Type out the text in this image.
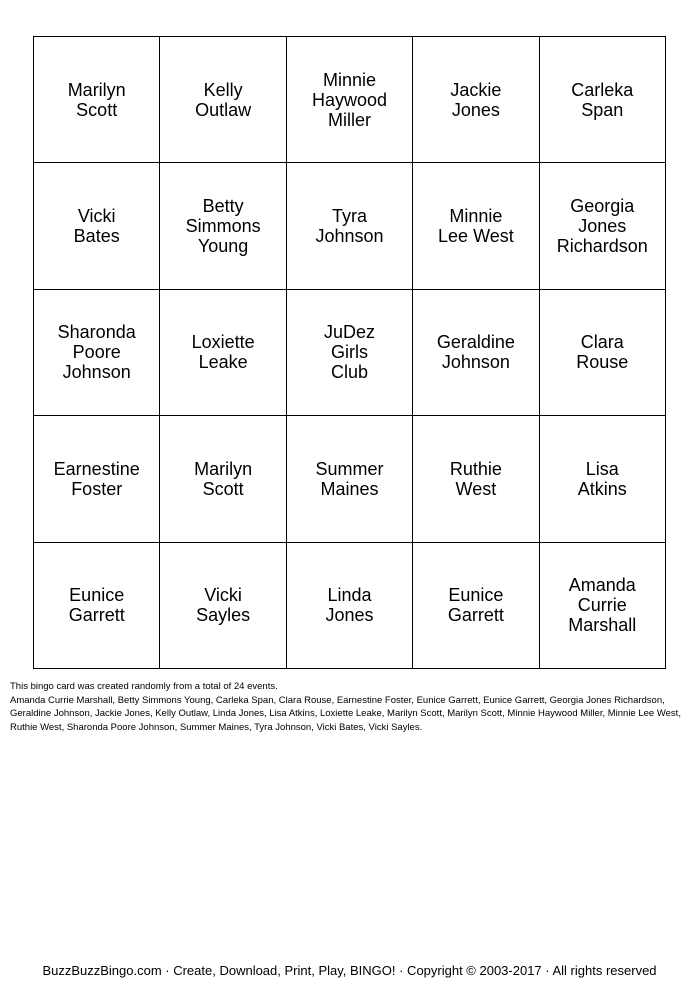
Marilyn
Scott
Kelly
Outlaw
Minnie
Haywood
Miller
Jackie
Jones
Carleka
Span
Vicki
Bates
Betty
Simmons
Young
Tyra
Johnson
Minnie
Lee West
Georgia
Jones
Richardson
Sharonda
Poore
Johnson
Loxiette
Leake
JuDez
Girls
Club
Geraldine
Johnson
Clara
Rouse
Earnestine
Foster
Marilyn
Scott
Summer
Maines
Ruthie
West
Lisa
Atkins
Eunice
Garrett
Vicki
Sayles
Linda
Jones
Eunice
Garrett
Amanda
Currie
Marshall

This bingo card was created randomly from a total of 24 events.

Amanda Currie Marshall, Betty Simmons Young, Carleka Span, Clara Rouse, Earnestine Foster, Eunice Garrett, Eunice Garrett, Georgia Jones Richardson, Geraldine Johnson, Jackie Jones, Kelly Outlaw, Linda Jones, Lisa Atkins, Loxiette Leake, Marilyn Scott, Marilyn Scott, Minnie Haywood Miller, Minnie Lee West, Ruthie West, Sharonda Poore Johnson, Summer Maines, Tyra Johnson, Vicki Bates, Vicki Sayles.

BuzzBuzzBingo.com · Create, Download, Print, Play, BINGO! · Copyright © 2003-2017 · All rights reserved
